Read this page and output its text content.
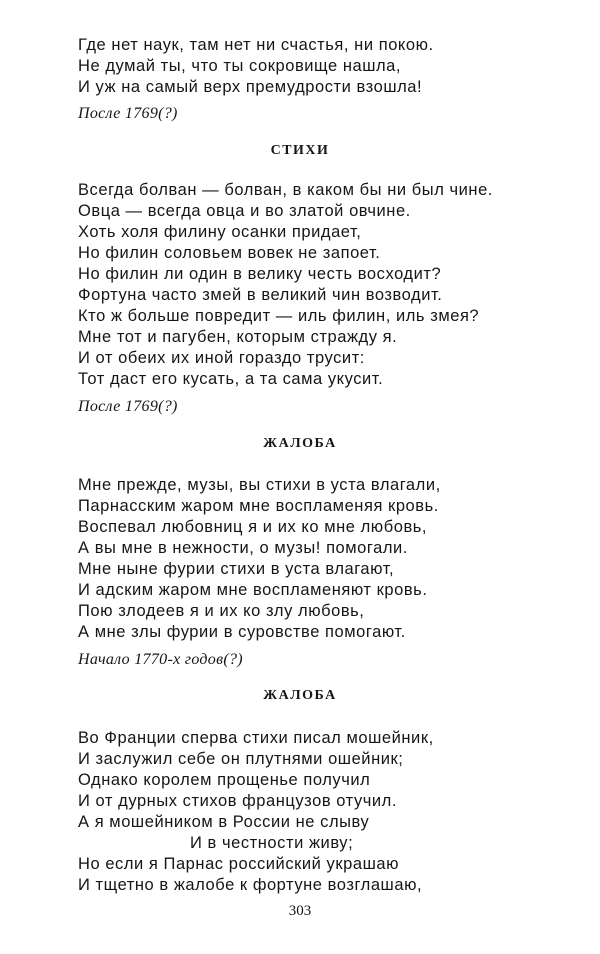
Где нет наук, там нет ни счастья, ни покою.
Не думай ты, что ты сокровище нашла,
И уж на самый верх премудрости взошла!
После 1769(?)
СТИХИ
Всегда болван — болван, в каком бы ни был чине.
Овца — всегда овца и во златой овчине.
Хоть холя филину осанки придает,
Но филин соловьем вовек не запоет.
Но филин ли один в велику честь восходит?
Фортуна часто змей в великий чин возводит.
Кто ж больше повредит — иль филин, иль змея?
Мне тот и пагубен, которым стражду я.
И от обеих их иной гораздо трусит:
Тот даст его кусать, а та сама укусит.
После 1769(?)
ЖАЛОБА
Мне прежде, музы, вы стихи в уста влагали,
Парнасским жаром мне воспламеняя кровь.
Воспевал любовниц я и их ко мне любовь,
А вы мне в нежности, о музы! помогали.
Мне ныне фурии стихи в уста влагают,
И адским жаром мне воспламеняют кровь.
Пою злодеев я и их ко злу любовь,
А мне злы фурии в суровстве помогают.
Начало 1770-х годов(?)
ЖАЛОБА
Во Франции сперва стихи писал мошейник,
И заслужил себе он плутнями ошейник;
Однако королем прощенье получил
И от дурных стихов французов отучил.
А я мошейником в России не слыву
И в честности живу;
Но если я Парнас российский украшаю
И тщетно в жалобе к фортуне возглашаю,
303
